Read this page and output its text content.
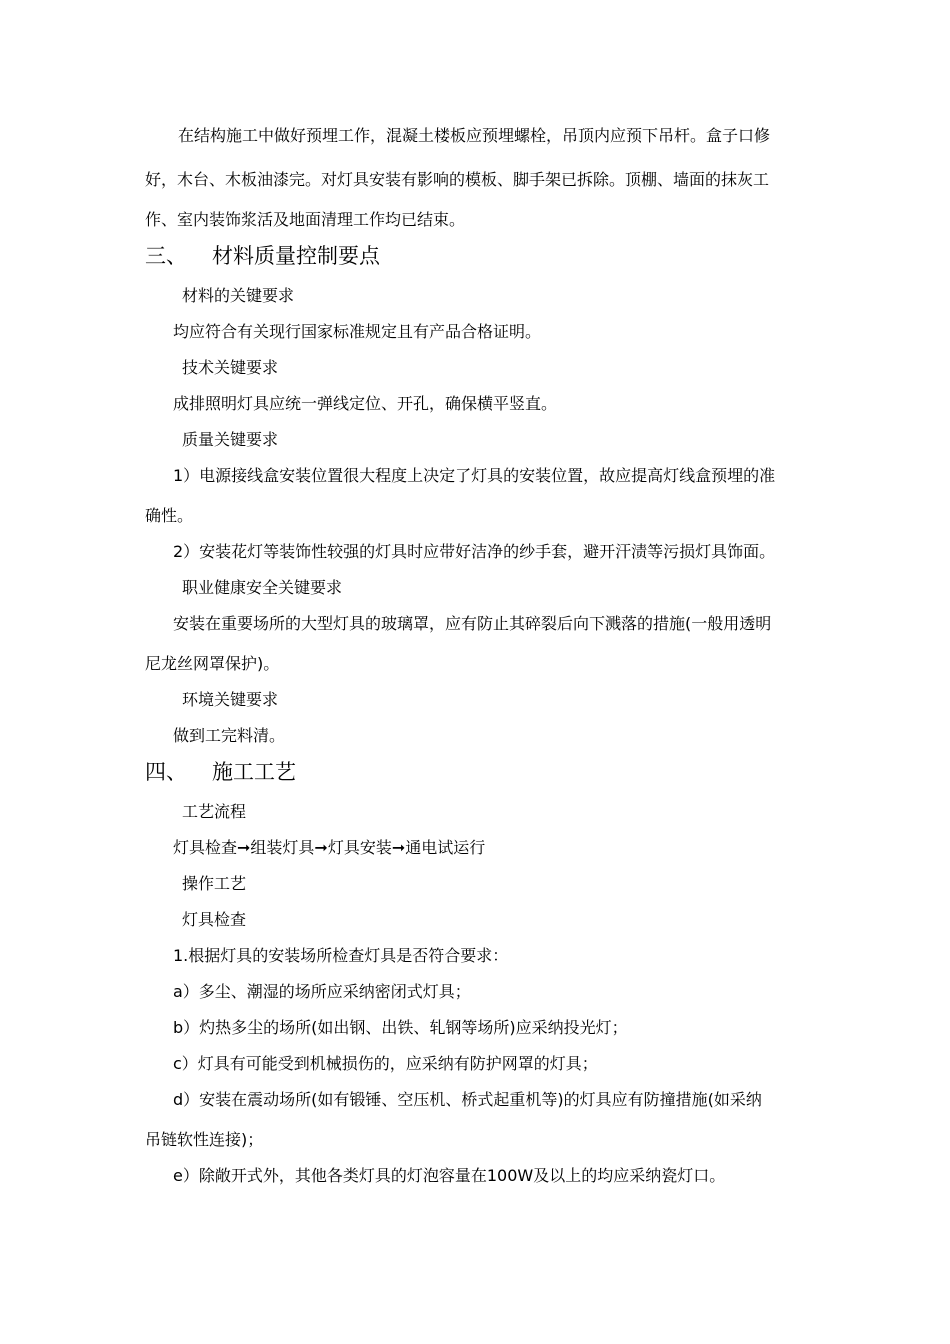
在结构施工中做好预埋工作，混凝土楼板应预埋螺栓，吊顶内应预下吊杆。盒子口修
好，木台、木板油漆完。对灯具安装有影响的模板、脚手架已拆除。顶棚、墙面的抹灰工
作、室内装饰浆活及地面清理工作均已结束。
三、 材料质量控制要点
材料的关键要求
均应符合有关现行国家标准规定且有产品合格证明。
技术关键要求
成排照明灯具应统一弹线定位、开孔，确保横平竖直。
质量关键要求
1）电源接线盒安装位置很大程度上决定了灯具的安装位置，故应提高灯线盒预埋的准
确性。
2）安装花灯等装饰性较强的灯具时应带好洁净的纱手套，避开汗渍等污损灯具饰面。
职业健康安全关键要求
安装在重要场所的大型灯具的玻璃罩，应有防止其碎裂后向下溅落的措施(一般用透明
尼龙丝网罩保护)。
环境关键要求
做到工完料清。
四、 施工工艺
工艺流程
灯具检查➞组装灯具➞灯具安装➞通电试运行
操作工艺
灯具检查
1.根据灯具的安装场所检查灯具是否符合要求：
a）多尘、潮湿的场所应采纳密闭式灯具；
b）灼热多尘的场所(如出钢、出铁、轧钢等场所)应采纳投光灯；
c）灯具有可能受到机械损伤的，应采纳有防护网罩的灯具；
d）安装在震动场所(如有锻锤、空压机、桥式起重机等)的灯具应有防撞措施(如采纳
吊链软性连接)；
e）除敞开式外，其他各类灯具的灯泡容量在100W及以上的均应采纳瓷灯口。
